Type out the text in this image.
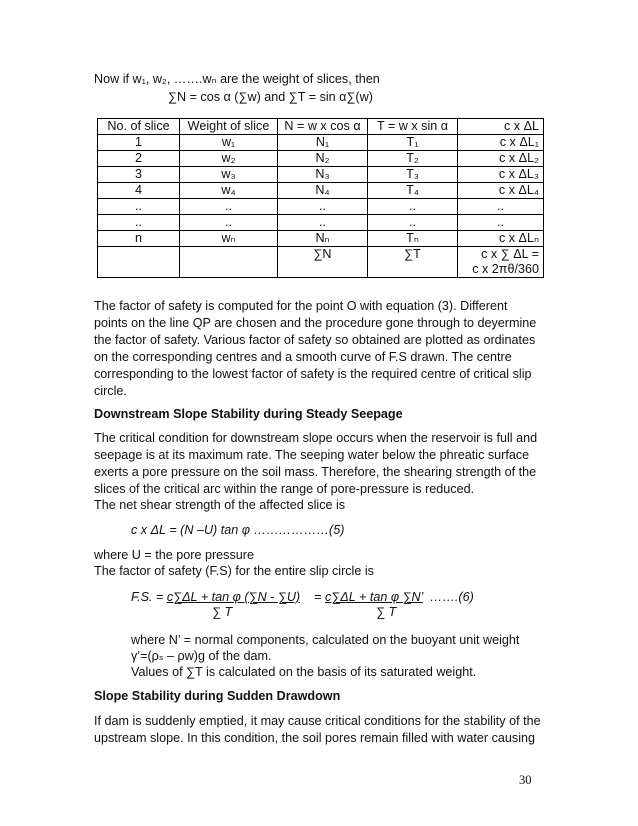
Now if w₁, w₂, …….wₙ are the weight of slices, then
∑N = cos α (∑w) and ∑T = sin α∑(w)
No. of slice	Weight of slice	N = w x cos α	T = w x sin α	c x ΔL
1	w₁	N₁	T₁	c x ΔL₁
2	w₂	N₂	T₂	c x ΔL₂
3	w₃	N₃	T₃	c x ΔL₃
4	w₄	N₄	T₄	c x ΔL₄
..	..	..	..	..
..	..	..	..	..
n	wₙ	Nₙ	Tₙ	c x ΔLₙ
		∑N	∑T	c x ∑ ΔL =
c x 2πθ/360
The factor of safety is computed for the point O with equation (3). Different
points on the line QP are chosen and the procedure gone through to deyermine
the factor of safety. Various factor of safety so obtained are plotted as ordinates
on the corresponding centres and a smooth curve of F.S drawn. The centre
corresponding to the lowest factor of safety is the required centre of critical slip
circle.
Downstream Slope Stability during Steady Seepage
The critical condition for downstream slope occurs when the reservoir is full and
seepage is at its maximum rate. The seeping water below the phreatic surface
exerts a pore pressure on the soil mass. Therefore, the shearing strength of the
slices of the critical arc within the range of pore-pressure is reduced.
The net shear strength of the affected slice is
c x ΔL = (N –U) tan φ ………………(5)
where U = the pore pressure
The factor of safety (F.S) for the entire slip circle is
F.S. = c∑ΔL + tan φ (∑N - ∑U)    = c∑ΔL + tan φ ∑N’  …….(6)
∑ T	∑ T
where N’ = normal components, calculated on the buoyant unit weight
γ’=(ρₛ – ρw)g of the dam.
Values of ∑T is calculated on the basis of its saturated weight.
Slope Stability during Sudden Drawdown
If dam is suddenly emptied, it may cause critical conditions for the stability of the
upstream slope. In this condition, the soil pores remain filled with water causing
30
